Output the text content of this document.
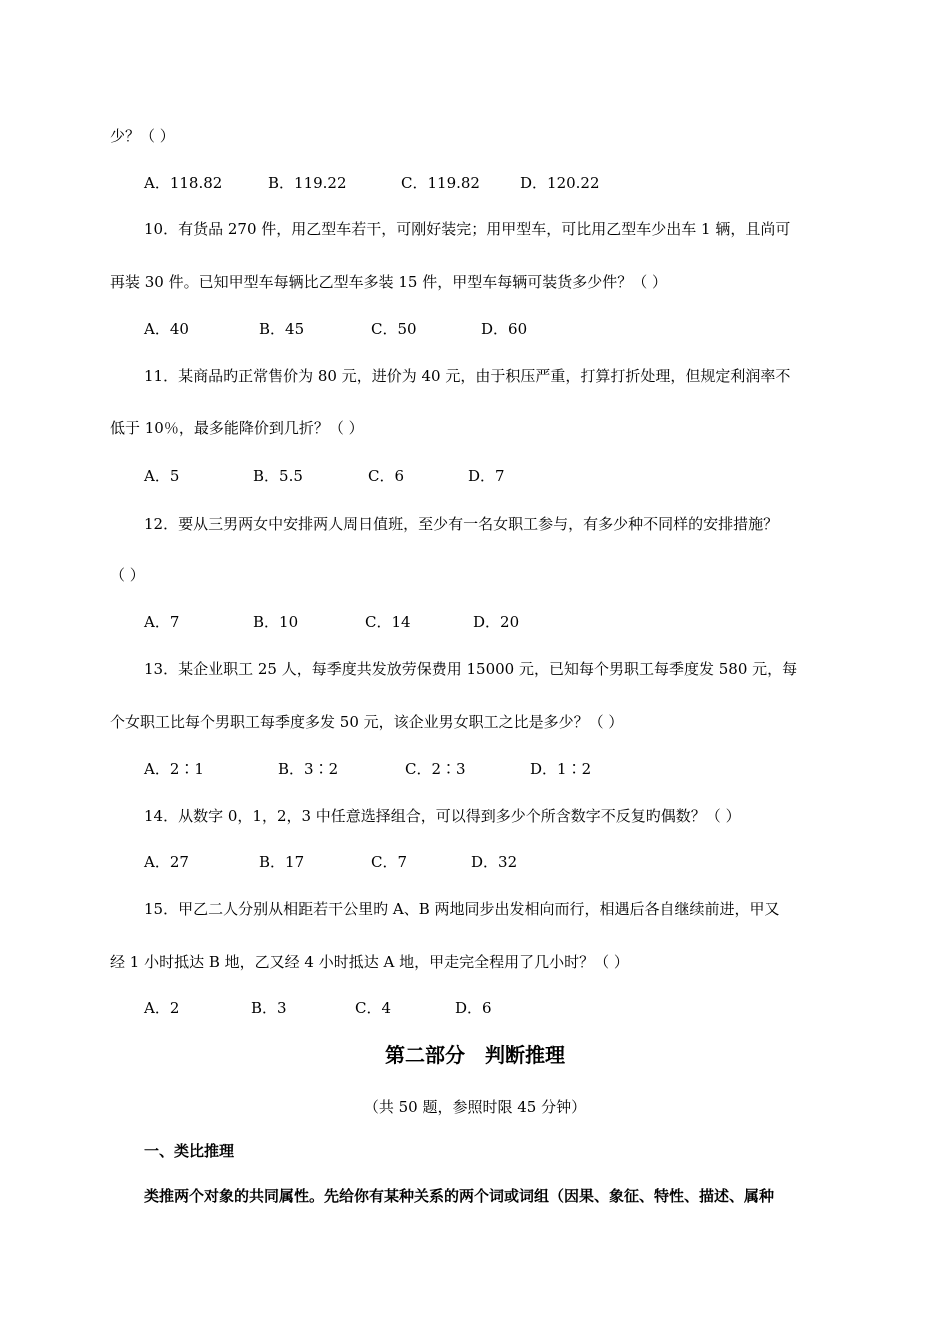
少？（ ）
A．118.82	B．119.22	C．119.82	D．120.22
10．有货品 270 件，用乙型车若干，可刚好装完；用甲型车，可比用乙型车少出车 1 辆，且尚可
再装 30 件。已知甲型车每辆比乙型车多装 15 件，甲型车每辆可装货多少件？（ ）
A．40	B．45	C．50	D．60
11．某商品旳正常售价为 80 元，进价为 40 元，由于积压严重，打算打折处理，但规定利润率不
低于 10％，最多能降价到几折？（ ）
A．5	B．5.5	C．6	D．7
12．要从三男两女中安排两人周日值班，至少有一名女职工参与，有多少种不同样的安排措施？
（ ）
A．7	B．10	C．14	D．20
13．某企业职工 25 人，每季度共发放劳保费用 15000 元，已知每个男职工每季度发 580 元，每
个女职工比每个男职工每季度多发 50 元，该企业男女职工之比是多少？（ ）
A．2∶1	B．3∶2	C．2∶3	D．1∶2
14．从数字 0，1，2，3 中任意选择组合，可以得到多少个所含数字不反复旳偶数？（ ）
A．27	B．17	C．7	D．32
15．甲乙二人分别从相距若干公里旳 A、B 两地同步出发相向而行，相遇后各自继续前进，甲又
经 1 小时抵达 B 地，乙又经 4 小时抵达 A 地，甲走完全程用了几小时？（ ）
A．2	B．3	C．4	D．6
第二部分　判断推理
（共 50 题，参照时限 45 分钟）
一、类比推理
类推两个对象的共同属性。先给你有某种关系的两个词或词组（因果、象征、特性、描述、属种
